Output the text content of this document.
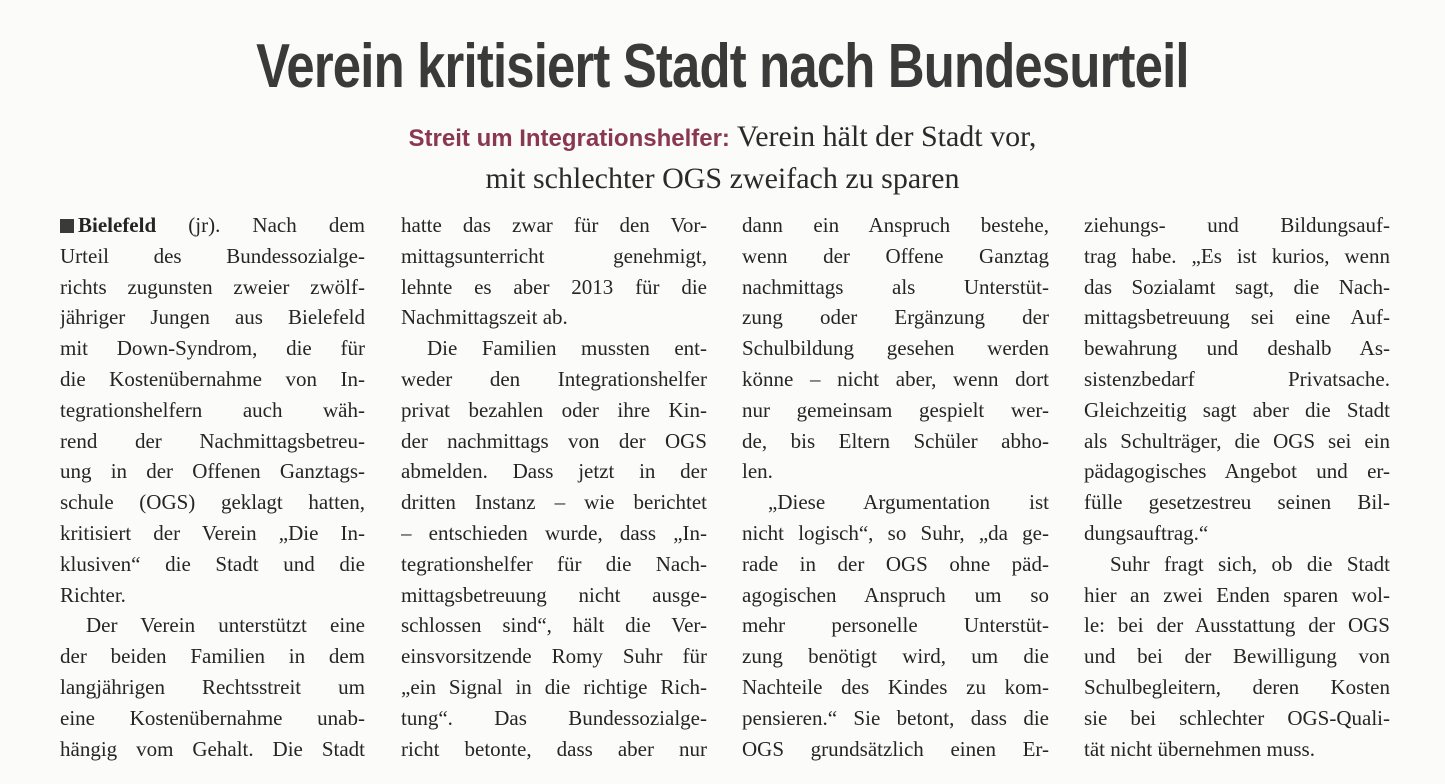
Verein kritisiert Stadt nach Bundesurteil
Streit um Integrationshelfer: Verein hält der Stadt vor,
mit schlechter OGS zweifach zu sparen
Bielefeld (jr). Nach dem
Urteil des Bundessozialge-
richts zugunsten zweier zwölf-
jähriger Jungen aus Bielefeld
mit Down-Syndrom, die für
die Kostenübernahme von In-
tegrationshelfern auch wäh-
rend der Nachmittagsbetreu-
ung in der Offenen Ganztags-
schule (OGS) geklagt hatten,
kritisiert der Verein „Die In-
klusiven“ die Stadt und die
Richter.
Der Verein unterstützt eine
der beiden Familien in dem
langjährigen Rechtsstreit um
eine Kostenübernahme unab-
hängig vom Gehalt. Die Stadt
hatte das zwar für den Vor-
mittagsunterricht genehmigt,
lehnte es aber 2013 für die
Nachmittagszeit ab.
Die Familien mussten ent-
weder den Integrationshelfer
privat bezahlen oder ihre Kin-
der nachmittags von der OGS
abmelden. Dass jetzt in der
dritten Instanz – wie berichtet
– entschieden wurde, dass „In-
tegrationshelfer für die Nach-
mittagsbetreuung nicht ausge-
schlossen sind“, hält die Ver-
einsvorsitzende Romy Suhr für
„ein Signal in die richtige Rich-
tung“. Das Bundessozialge-
richt betonte, dass aber nur
dann ein Anspruch bestehe,
wenn der Offene Ganztag
nachmittags als Unterstüt-
zung oder Ergänzung der
Schulbildung gesehen werden
könne – nicht aber, wenn dort
nur gemeinsam gespielt wer-
de, bis Eltern Schüler abho-
len.
„Diese Argumentation ist
nicht logisch“, so Suhr, „da ge-
rade in der OGS ohne päd-
agogischen Anspruch um so
mehr personelle Unterstüt-
zung benötigt wird, um die
Nachteile des Kindes zu kom-
pensieren.“ Sie betont, dass die
OGS grundsätzlich einen Er-
ziehungs- und Bildungsauf-
trag habe. „Es ist kurios, wenn
das Sozialamt sagt, die Nach-
mittagsbetreuung sei eine Auf-
bewahrung und deshalb As-
sistenzbedarf Privatsache.
Gleichzeitig sagt aber die Stadt
als Schulträger, die OGS sei ein
pädagogisches Angebot und er-
fülle gesetzestreu seinen Bil-
dungsauftrag.“
Suhr fragt sich, ob die Stadt
hier an zwei Enden sparen wol-
le: bei der Ausstattung der OGS
und bei der Bewilligung von
Schulbegleitern, deren Kosten
sie bei schlechter OGS-Quali-
tät nicht übernehmen muss.
